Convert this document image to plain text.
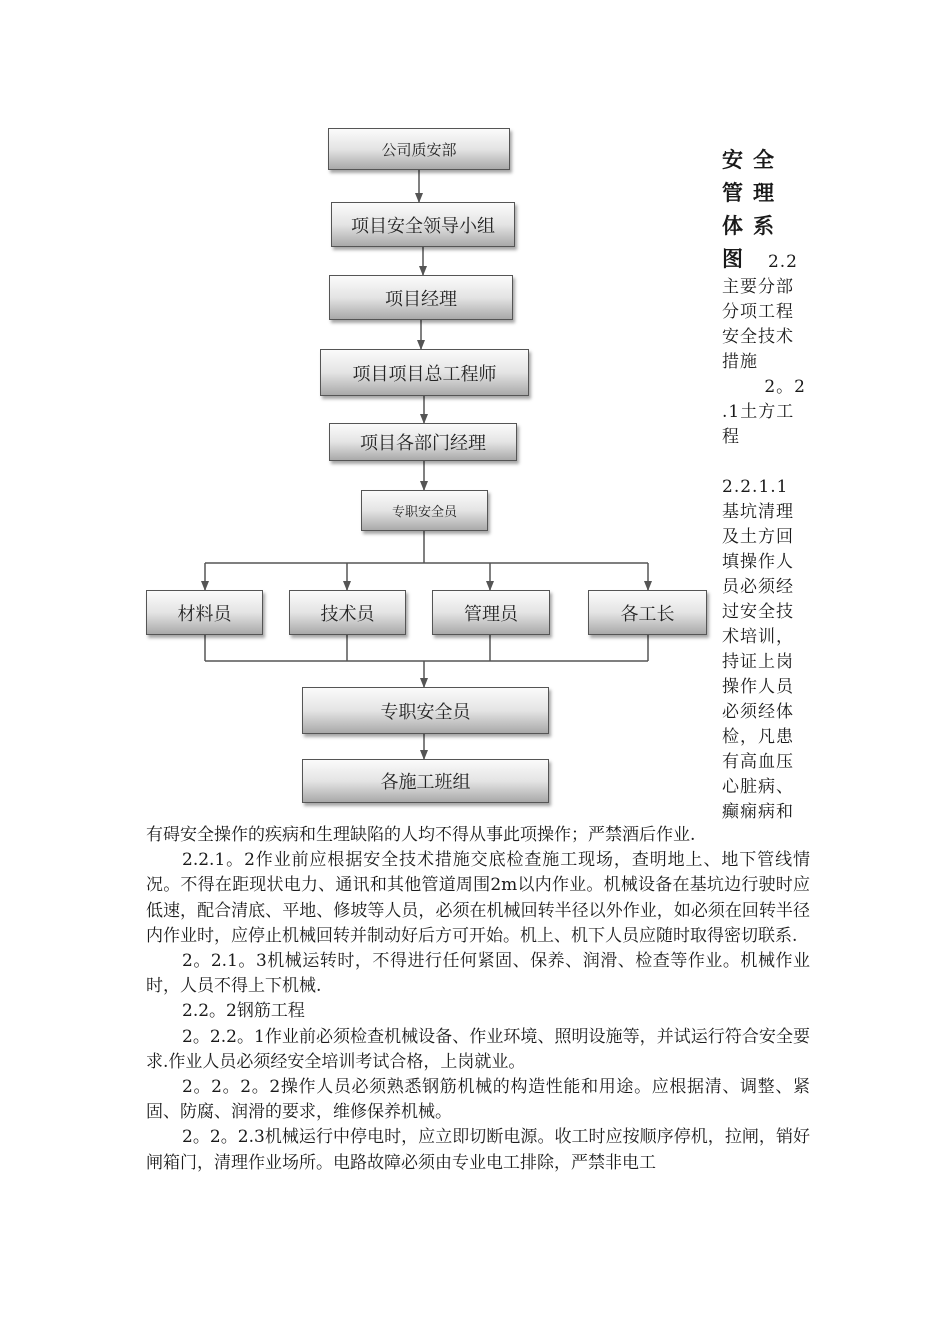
公司质安部
项目安全领导小组
项目经理
项目项目总工程师
项目各部门经理
专职安全员
材料员	技术员	管理员	各工长
专职安全员
各施工班组
安全管理体系图 2.2
主要分部分项工程安全技术措施
2。2
.1土方工程
2.2.1.1
基坑清理及土方回填操作人员必须经过安全技术培训，持证上岗操作人员必须经体检，凡患有高血压心脏病、癫痫病和

有碍安全操作的疾病和生理缺陷的人均不得从事此项操作；严禁酒后作业.

2.2.1。2作业前应根据安全技术措施交底检查施工现场，查明地上、地下管线情况。不得在距现状电力、通讯和其他管道周围2m以内作业。机械设备在基坑边行驶时应低速，配合清底、平地、修坡等人员，必须在机械回转半径以外作业，如必须在回转半径内作业时，应停止机械回转并制动好后方可开始。机上、机下人员应随时取得密切联系.

2。2.1。3机械运转时，不得进行任何紧固、保养、润滑、检查等作业。机械作业时，人员不得上下机械.

2.2。2钢筋工程

2。2.2。1作业前必须检查机械设备、作业环境、照明设施等，并试运行符合安全要求.作业人员必须经安全培训考试合格，上岗就业。

2。2。2。2操作人员必须熟悉钢筋机械的构造性能和用途。应根据清、调整、紧固、防腐、润滑的要求，维修保养机械。

2。2。2.3机械运行中停电时，应立即切断电源。收工时应按顺序停机，拉闸，销好闸箱门，清理作业场所。电路故障必须由专业电工排除，严禁非电工
